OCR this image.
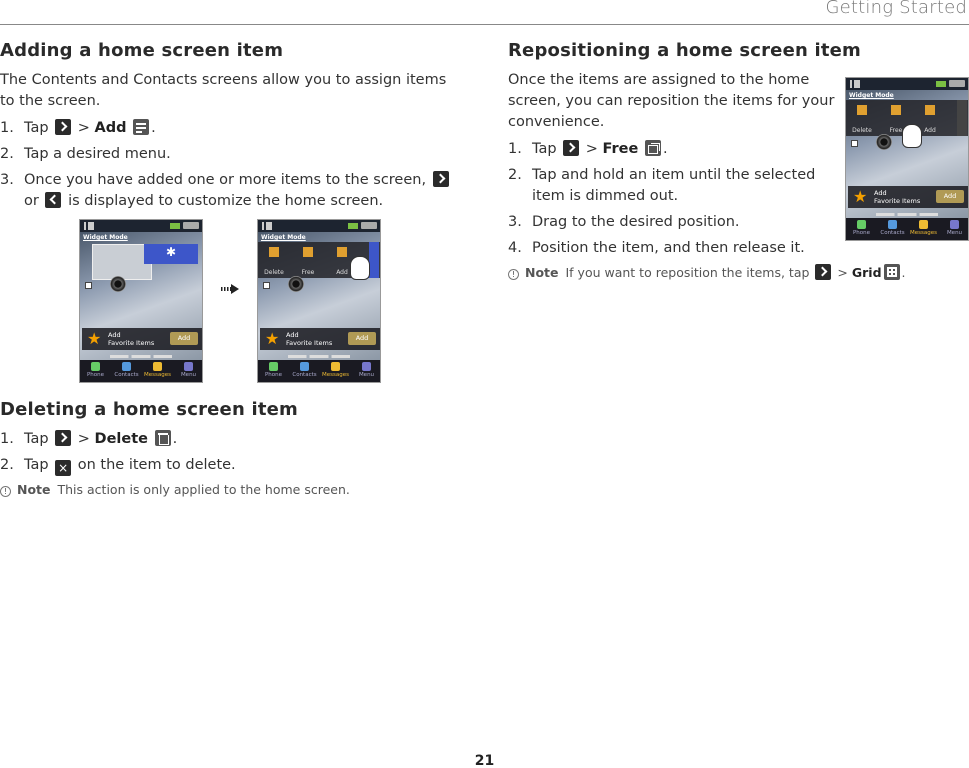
Getting Started
Adding a home screen item

The Contents and Contacts screens allow you to assign items to the screen.

1. Tap > Add .
2. Tap a desired menu.
3. Once you have added one or more items to the screen,
or is displayed to customize the home screen.
Widget Mode
✱
★ Add
Favorite Items
Add
Phone	Contacts Messages	Menu
Widget Mode
Delete	Free	Add
★ Add
Favorite Items
Add
Phone	Contacts Messages	Menu
Deleting a home screen item
1. Tap > Delete .
2. Tap × on the item to delete.
! Note This action is only applied to the home screen.
Repositioning a home screen item

Once the items are assigned to the home screen, you can reposition the items for your convenience.

1. Tap > Free .
2. Tap and hold an item until the selected item is dimmed out.
3. Drag to the desired position.
4. Position the item, and then release it.
! Note If you want to reposition the items, tap > Grid .
Widget Mode
Delete	Free	Add
★ Add
Favorite Items
Add
Phone	Contacts Messages	Menu
21
